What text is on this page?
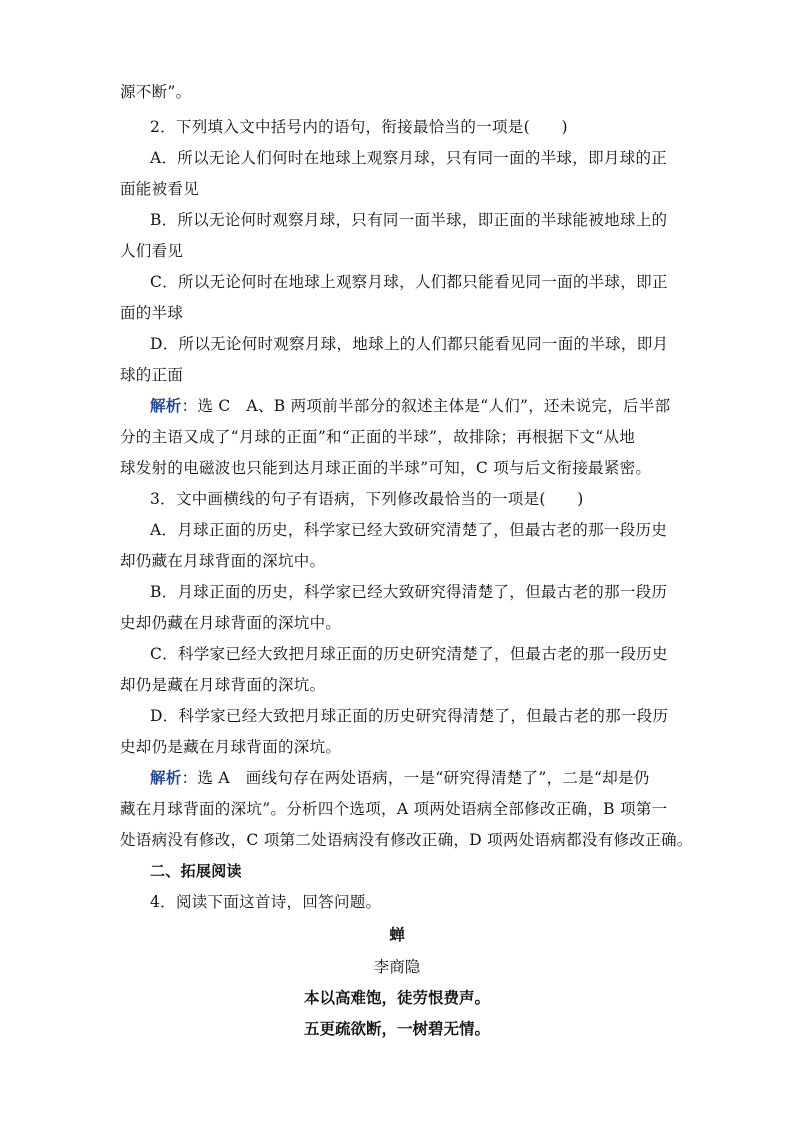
源不断”。
2．下列填入文中括号内的语句，衔接最恰当的一项是(　　)
A．所以无论人们何时在地球上观察月球，只有同一面的半球，即月球的正
面能被看见
B．所以无论何时观察月球，只有同一面半球，即正面的半球能被地球上的
人们看见
C．所以无论何时在地球上观察月球，人们都只能看见同一面的半球，即正
面的半球
D．所以无论何时观察月球，地球上的人们都只能看见同一面的半球，即月
球的正面
解析：选 C　A、B 两项前半部分的叙述主体是“人们”，还未说完，后半部
分的主语又成了“月球的正面”和“正面的半球”，故排除；再根据下文“从地
球发射的电磁波也只能到达月球正面的半球”可知，C 项与后文衔接最紧密。
3．文中画横线的句子有语病，下列修改最恰当的一项是(　　)
A．月球正面的历史，科学家已经大致研究清楚了，但最古老的那一段历史
却仍藏在月球背面的深坑中。
B．月球正面的历史，科学家已经大致研究得清楚了，但最古老的那一段历
史却仍藏在月球背面的深坑中。
C．科学家已经大致把月球正面的历史研究清楚了，但最古老的那一段历史
却仍是藏在月球背面的深坑。
D．科学家已经大致把月球正面的历史研究得清楚了，但最古老的那一段历
史却仍是藏在月球背面的深坑。
解析：选 A　画线句存在两处语病，一是“研究得清楚了”，二是“却是仍
藏在月球背面的深坑”。分析四个选项，A 项两处语病全部修改正确，B 项第一
处语病没有修改，C 项第二处语病没有修改正确，D 项两处语病都没有修改正确。
二、拓展阅读
4．阅读下面这首诗，回答问题。
蝉
李商隐
本以高难饱，徒劳恨费声。
五更疏欲断，一树碧无情。
